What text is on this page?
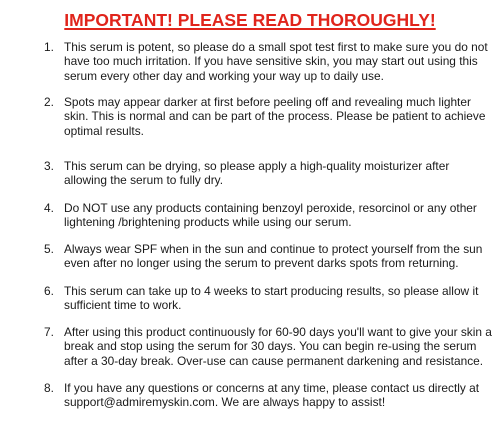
IMPORTANT! PLEASE READ THOROUGHLY!
1. This serum is potent, so please do a small spot test first to make sure you do not
have too much irritation. If you have sensitive skin, you may start out using this
serum every other day and working your way up to daily use.
2. Spots may appear darker at first before peeling off and revealing much lighter
skin. This is normal and can be part of the process. Please be patient to achieve
optimal results.
3. This serum can be drying, so please apply a high-quality moisturizer after
allowing the serum to fully dry.
4. Do NOT use any products containing benzoyl peroxide, resorcinol or any other
lightening /brightening products while using our serum.
5. Always wear SPF when in the sun and continue to protect yourself from the sun
even after no longer using the serum to prevent darks spots from returning.
6. This serum can take up to 4 weeks to start producing results, so please allow it
sufficient time to work.
7. After using this product continuously for 60-90 days you'll want to give your skin a
break and stop using the serum for 30 days. You can begin re-using the serum
after a 30-day break. Over-use can cause permanent darkening and resistance.
8. If you have any questions or concerns at any time, please contact us directly at
support@admiremyskin.com. We are always happy to assist!
